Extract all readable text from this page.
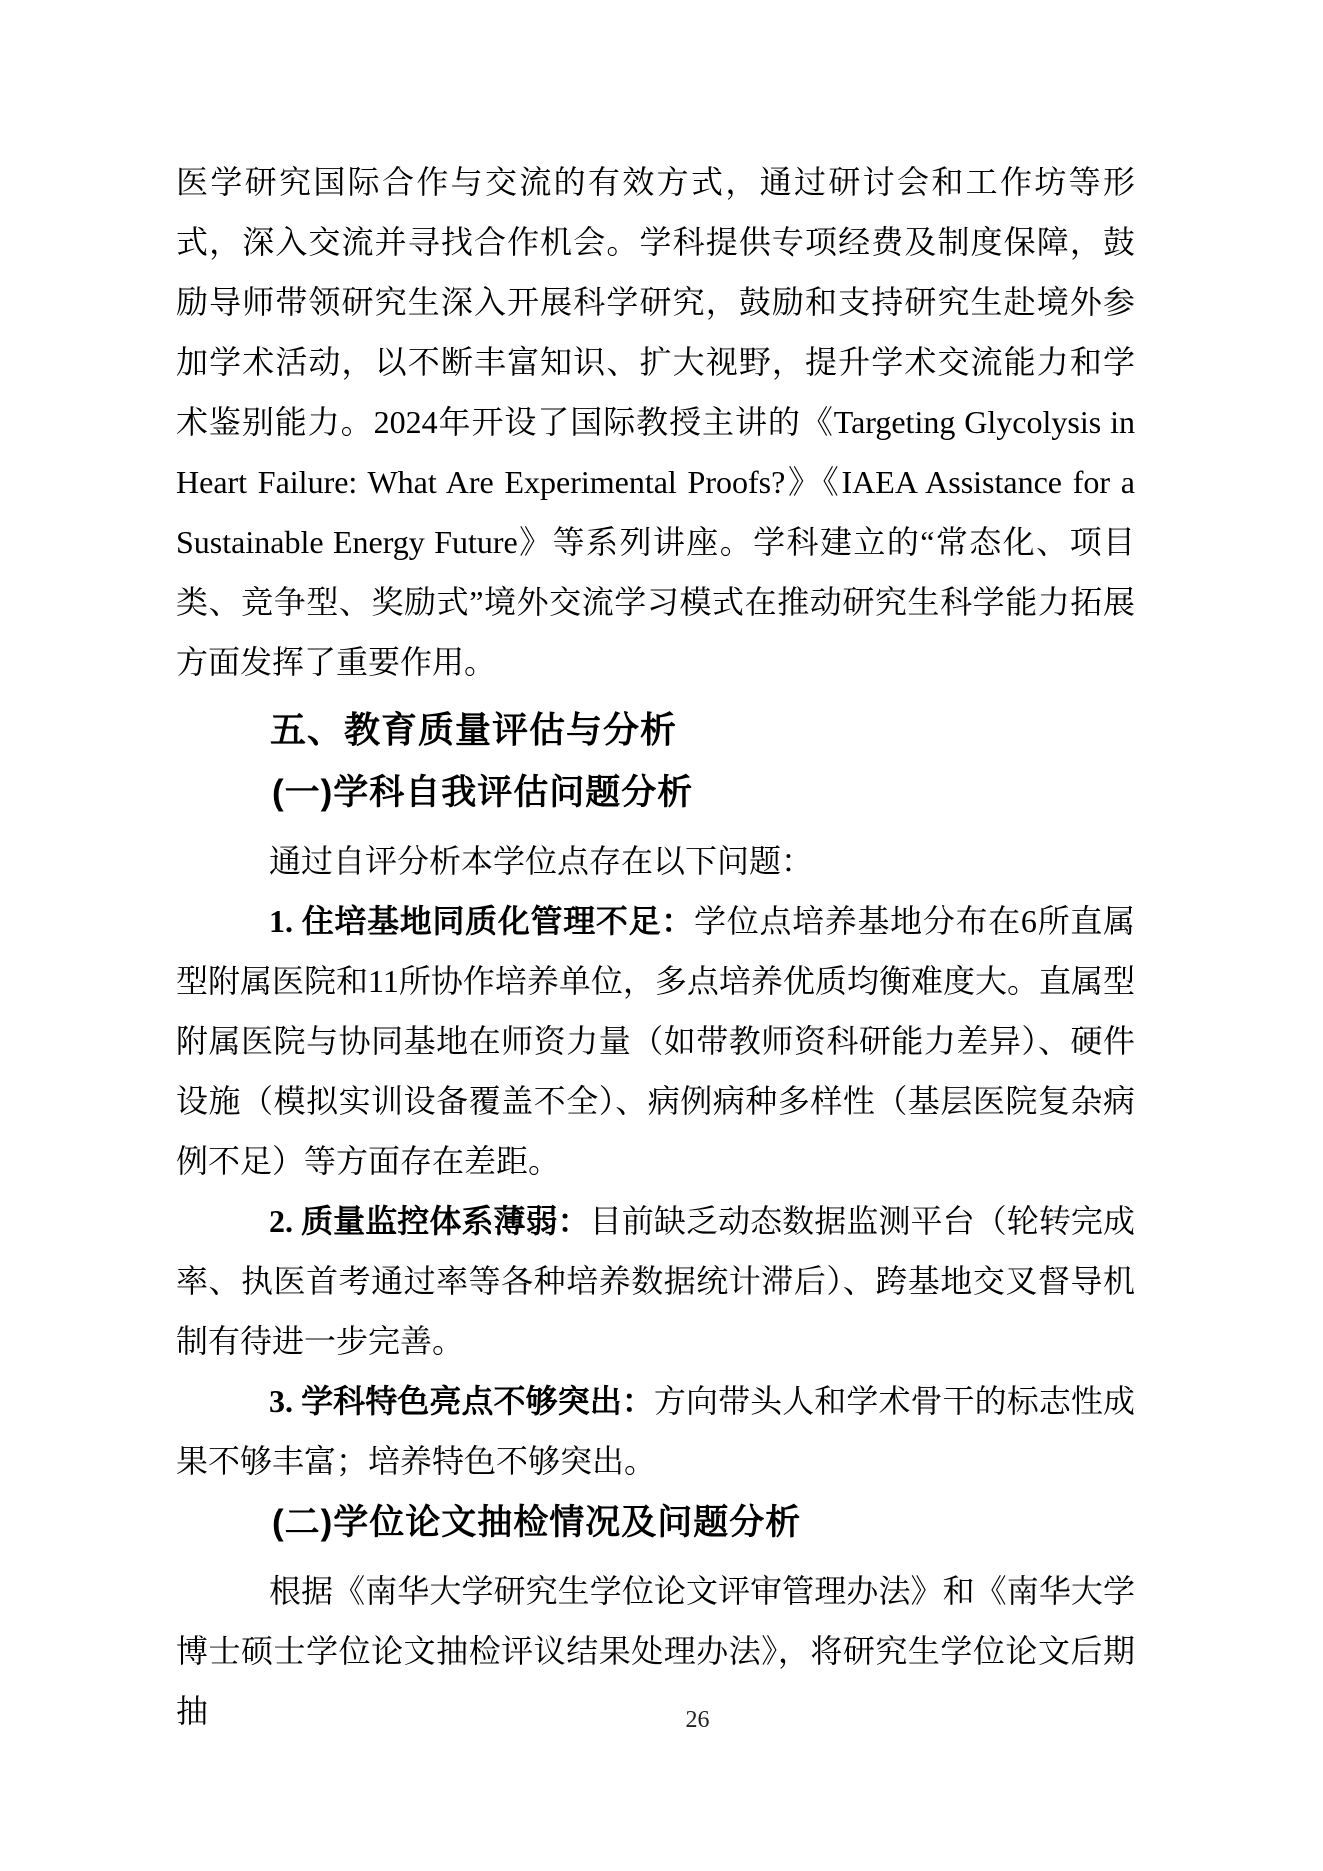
医学研究国际合作与交流的有效方式，通过研讨会和工作坊等形式，深入交流并寻找合作机会。学科提供专项经费及制度保障，鼓励导师带领研究生深入开展科学研究，鼓励和支持研究生赴境外参加学术活动，以不断丰富知识、扩大视野，提升学术交流能力和学术鉴别能力。2024年开设了国际教授主讲的《Targeting Glycolysis in Heart Failure: What Are Experimental Proofs?》《IAEA Assistance for a Sustainable Energy Future》等系列讲座。学科建立的“常态化、项目类、竞争型、奖励式”境外交流学习模式在推动研究生科学能力拓展方面发挥了重要作用。

五、教育质量评估与分析
(一)学科自我评估问题分析

通过自评分析本学位点存在以下问题：

1. 住培基地同质化管理不足：学位点培养基地分布在6所直属型附属医院和11所协作培养单位，多点培养优质均衡难度大。直属型附属医院与协同基地在师资力量（如带教师资科研能力差异）、硬件设施（模拟实训设备覆盖不全）、病例病种多样性（基层医院复杂病例不足）等方面存在差距。

2. 质量监控体系薄弱：目前缺乏动态数据监测平台（轮转完成率、执医首考通过率等各种培养数据统计滞后）、跨基地交叉督导机制有待进一步完善。

3. 学科特色亮点不够突出：方向带头人和学术骨干的标志性成果不够丰富；培养特色不够突出。

(二)学位论文抽检情况及问题分析

根据《南华大学研究生学位论文评审管理办法》和《南华大学博士硕士学位论文抽检评议结果处理办法》，将研究生学位论文后期抽	26
